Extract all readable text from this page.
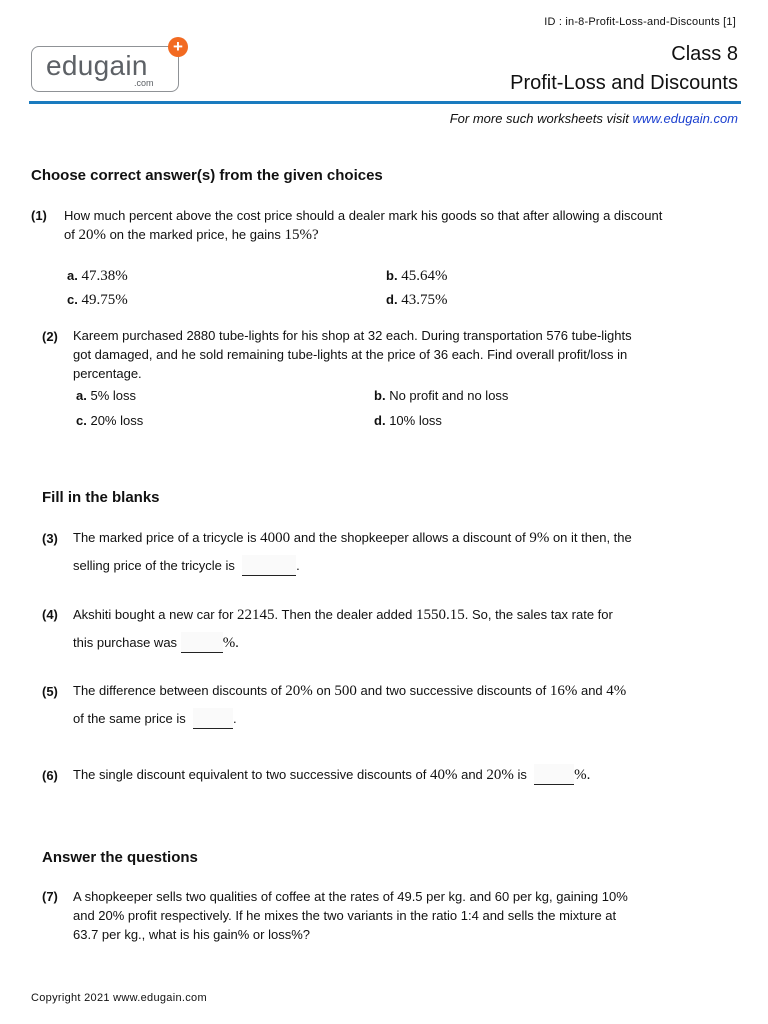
ID : in-8-Profit-Loss-and-Discounts [1]
edugain
.com
+	Class 8
Profit-Loss and Discounts
For more such worksheets visit www.edugain.com
Choose correct answer(s) from the given choices
(1) How much percent above the cost price should a dealer mark his goods so that after allowing a discount
of 20% on the marked price, he gains 15%?
a. 47.38%	b. 45.64%
c. 49.75%	d. 43.75%
(2) Kareem purchased 2880 tube-lights for his shop at 32 each. During transportation 576 tube-lights
got damaged, and he sold remaining tube-lights at the price of 36 each. Find overall profit/loss in
percentage.
a. 5% loss	b. No profit and no loss
c. 20% loss	d. 10% loss
Fill in the blanks
(3) The marked price of a tricycle is 4000 and the shopkeeper allows a discount of 9% on it then, the
selling price of the tricycle is	.
(4) Akshiti bought a new car for 22145. Then the dealer added 1550.15. So, the sales tax rate for
this purchase was	%.
(5) The difference between discounts of 20% on 500 and two successive discounts of 16% and 4%
of the same price is	.
(6) The single discount equivalent to two successive discounts of 40% and 20% is	%.
Answer the questions
(7) A shopkeeper sells two qualities of coffee at the rates of 49.5 per kg. and 60 per kg, gaining 10%
and 20% profit respectively. If he mixes the two variants in the ratio 1:4 and sells the mixture at
63.7 per kg., what is his gain% or loss%?
Copyright 2021 www.edugain.com
